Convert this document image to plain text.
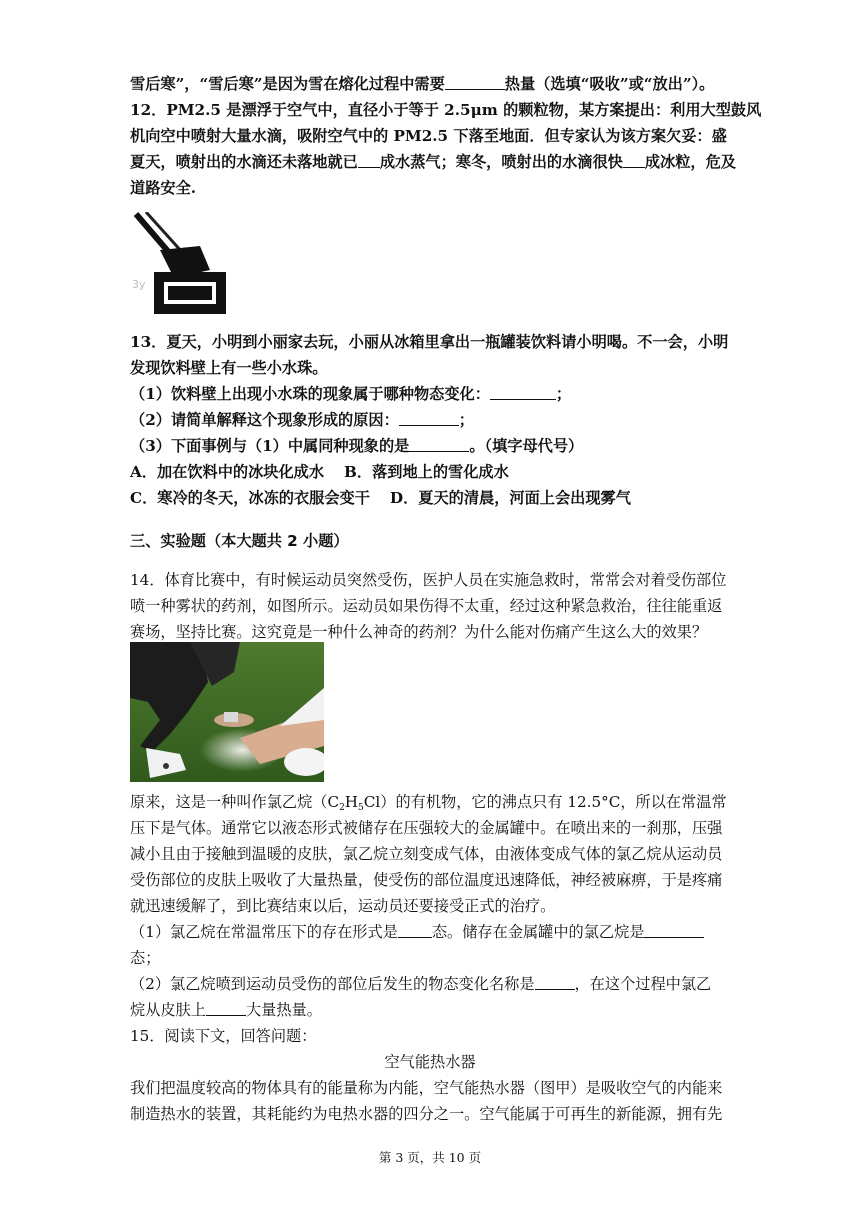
雪后寒”，“雪后寒”是因为雪在熔化过程中需要	热量（选填“吸收”或“放出”）。
12．PM2.5 是漂浮于空气中，直径小于等于 2.5μm 的颗粒物，某方案提出：利用大型鼓风
机向空中喷射大量水滴，吸附空气中的 PM2.5 下落至地面．但专家认为该方案欠妥：盛
夏天，喷射出的水滴还未落地就已 成水蒸气；寒冬，喷射出的水滴很快 成冰粒，危及
道路安全.
3y
13．夏天，小明到小丽家去玩，小丽从冰箱里拿出一瓶罐装饮料请小明喝。不一会，小明
发现饮料壁上有一些小水珠。
（1）饮料壁上出现小水珠的现象属于哪种物态变化：	；
（2）请简单解释这个现象形成的原因：	；
（3）下面事例与（1）中属同种现象的是	。（填字母代号）
A．加在饮料中的冰块化成水 B．落到地上的雪化成水
C．寒冷的冬天，冰冻的衣服会变干 D．夏天的清晨，河面上会出现雾气
三、实验题（本大题共 2 小题）
14．体育比赛中，有时候运动员突然受伤，医护人员在实施急救时，常常会对着受伤部位
喷一种雾状的药剂，如图所示。运动员如果伤得不太重，经过这种紧急救治，往往能重返
赛场，坚持比赛。这究竟是一种什么神奇的药剂？为什么能对伤痛产生这么大的效果？
原来，这是一种叫作氯乙烷$(C_2H_5Cl)$的有机物，它的沸点只有 12.5°C，所以在常温常
压下是气体。通常它以液态形式被储存在压强较大的金属罐中。在喷出来的一刹那，压强
减小且由于接触到温暖的皮肤，氯乙烷立刻变成气体，由液体变成气体的氯乙烷从运动员
受伤部位的皮肤上吸收了大量热量，使受伤的部位温度迅速降低，神经被麻痹，于是疼痛
就迅速缓解了，到比赛结束以后，运动员还要接受正式的治疗。
（1）氯乙烷在常温常压下的存在形式是 态。储存在金属罐中的氯乙烷是
态；
（2）氯乙烷喷到运动员受伤的部位后发生的物态变化名称是	，在这个过程中氯乙
烷从皮肤上	大量热量。
15．阅读下文，回答问题：
空气能热水器
我们把温度较高的物体具有的能量称为内能，空气能热水器（图甲）是吸收空气的内能来
制造热水的装置，其耗能约为电热水器的四分之一。空气能属于可再生的新能源，拥有先
第 3 页，共 10 页
